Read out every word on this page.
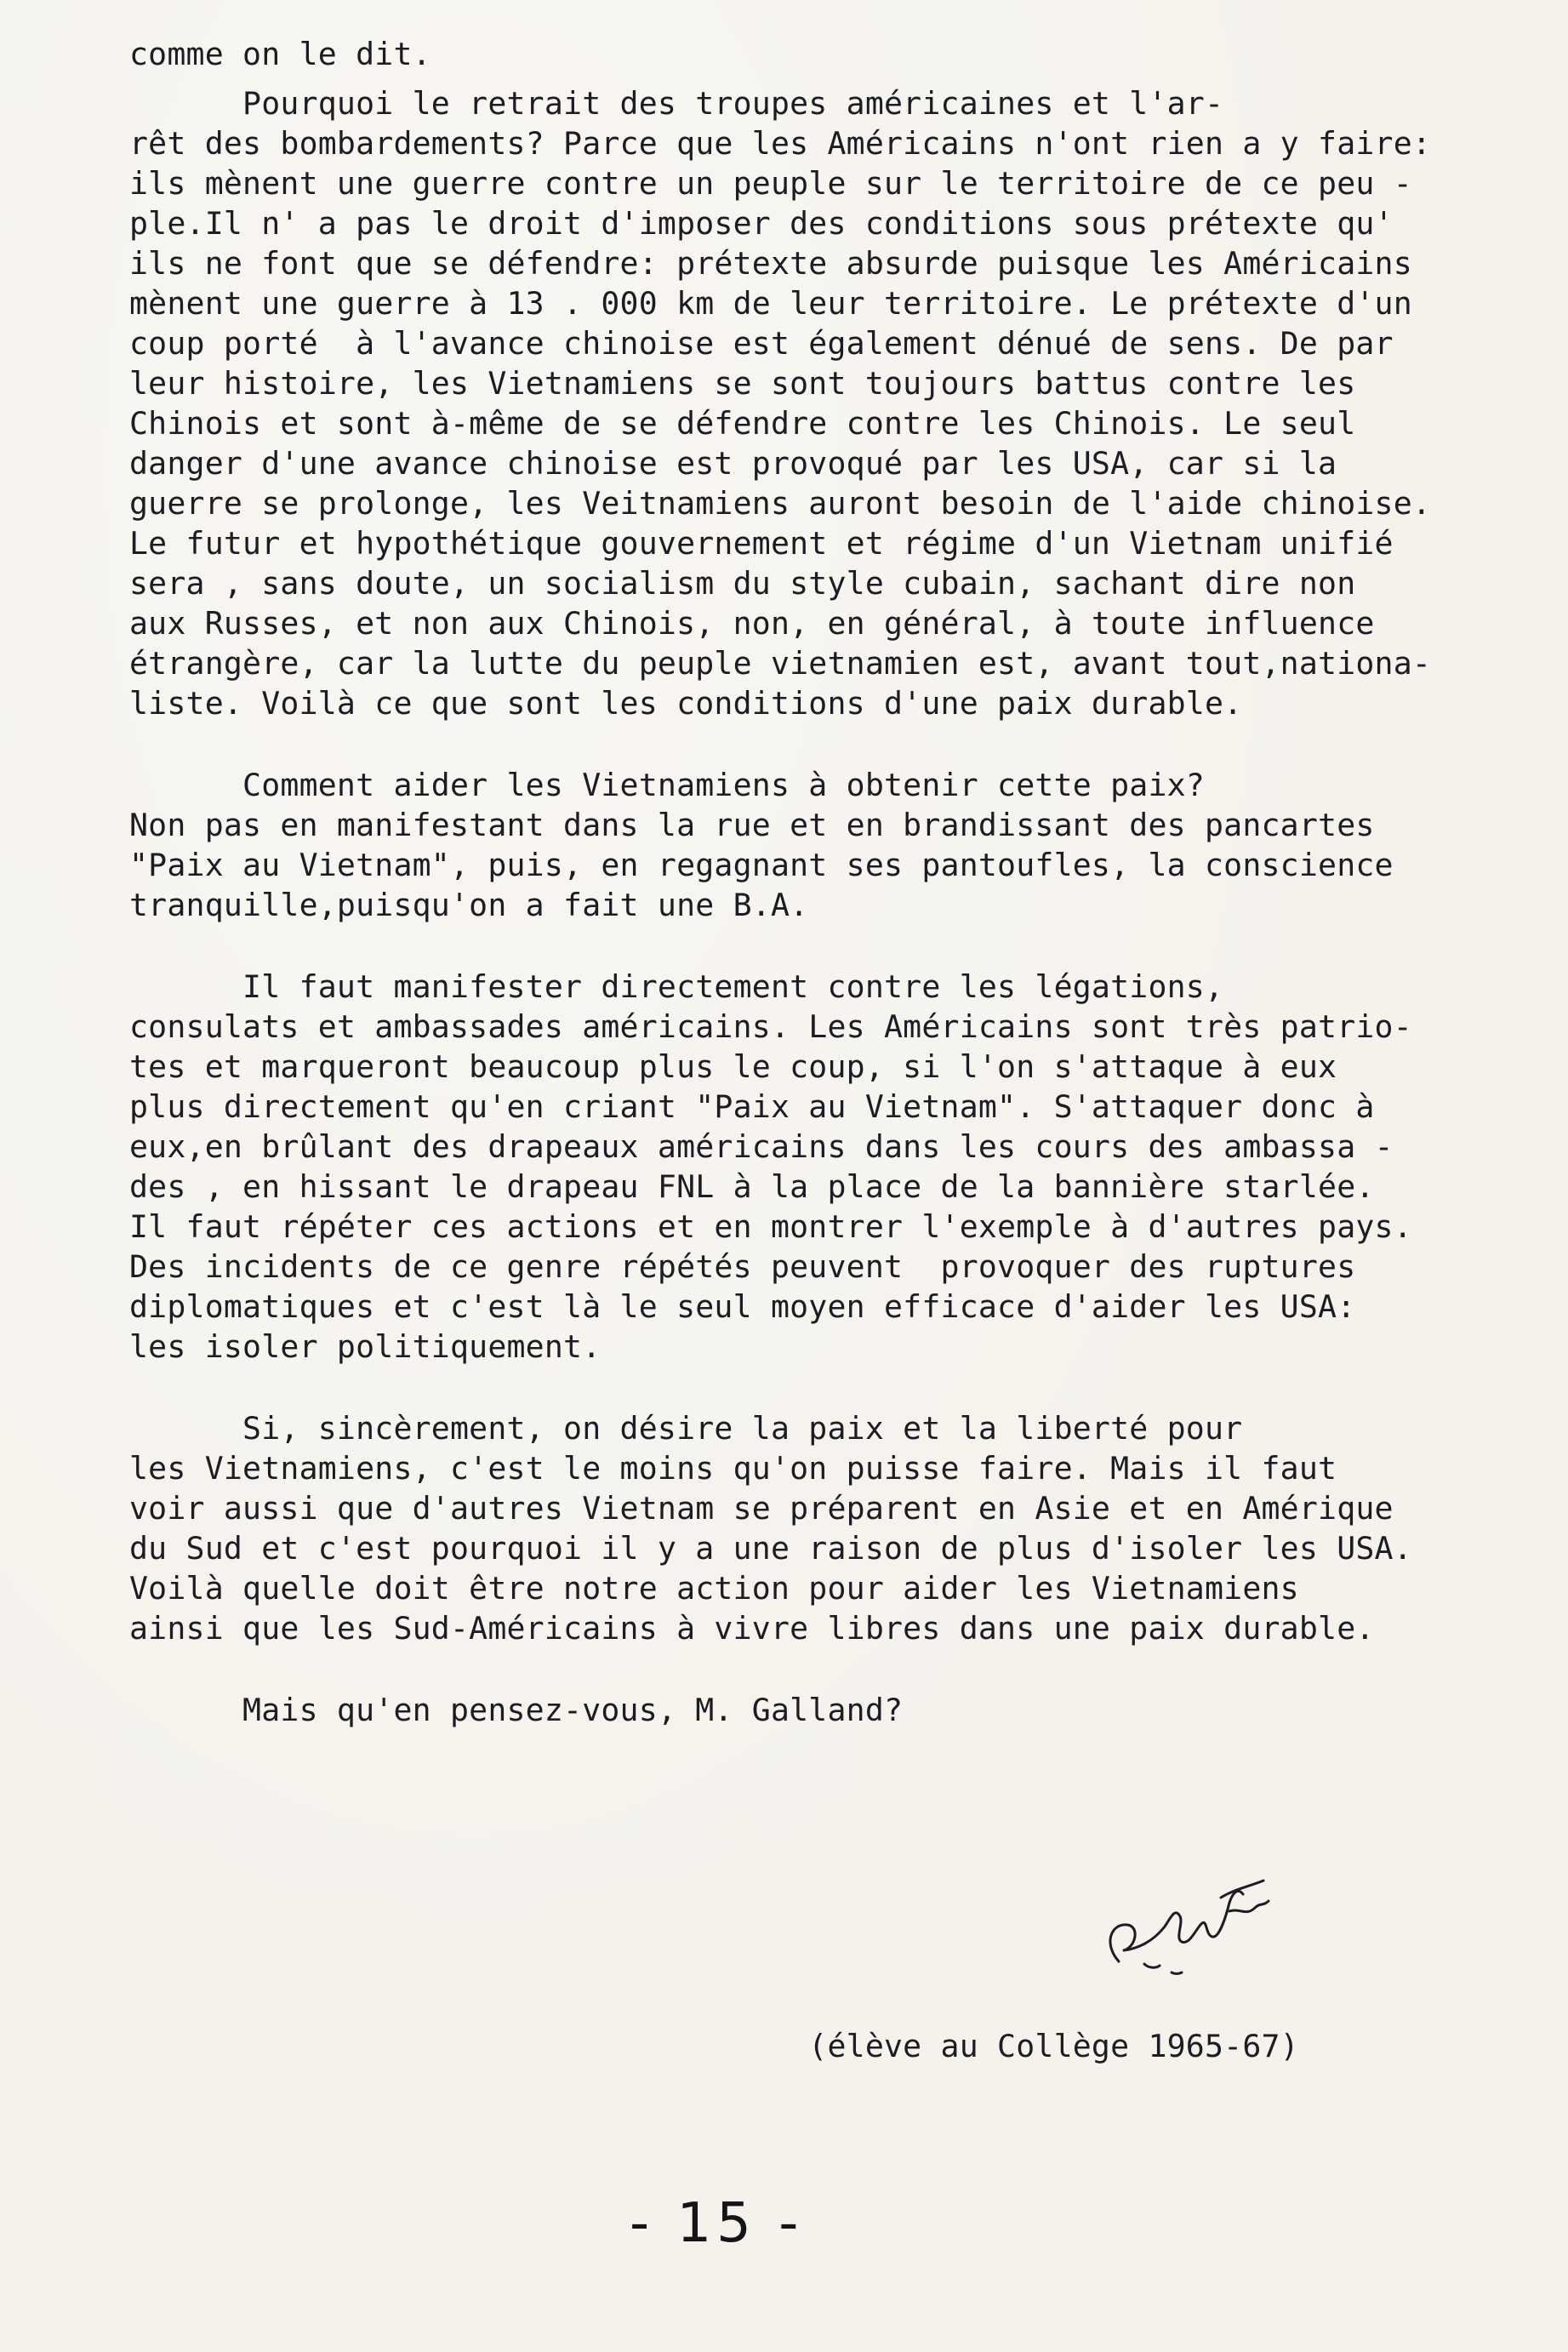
comme on le dit.
Pourquoi le retrait des troupes américaines et l'ar-
rêt des bombardements? Parce que les Américains n'ont rien a y faire:
ils mènent une guerre contre un peuple sur le territoire de ce peu -
ple.Il n' a pas le droit d'imposer des conditions sous prétexte qu'
ils ne font que se défendre: prétexte absurde puisque les Américains
mènent une guerre à 13 . 000 km de leur territoire. Le prétexte d'un
coup porté  à l'avance chinoise est également dénué de sens. De par
leur histoire, les Vietnamiens se sont toujours battus contre les
Chinois et sont à-même de se défendre contre les Chinois. Le seul
danger d'une avance chinoise est provoqué par les USA, car si la
guerre se prolonge, les Veitnamiens auront besoin de l'aide chinoise.
Le futur et hypothétique gouvernement et régime d'un Vietnam unifié
sera , sans doute, un socialism du style cubain, sachant dire non
aux Russes, et non aux Chinois, non, en général, à toute influence
étrangère, car la lutte du peuple vietnamien est, avant tout,nationa-
liste. Voilà ce que sont les conditions d'une paix durable.
Comment aider les Vietnamiens à obtenir cette paix?
Non pas en manifestant dans la rue et en brandissant des pancartes
"Paix au Vietnam", puis, en regagnant ses pantoufles, la conscience
tranquille,puisqu'on a fait une B.A.
Il faut manifester directement contre les légations,
consulats et ambassades américains. Les Américains sont très patrio-
tes et marqueront beaucoup plus le coup, si l'on s'attaque à eux
plus directement qu'en criant "Paix au Vietnam". S'attaquer donc à
eux,en brûlant des drapeaux américains dans les cours des ambassa -
des , en hissant le drapeau FNL à la place de la bannière starlée.
Il faut répéter ces actions et en montrer l'exemple à d'autres pays.
Des incidents de ce genre répétés peuvent  provoquer des ruptures
diplomatiques et c'est là le seul moyen efficace d'aider les USA:
les isoler politiquement.
Si, sincèrement, on désire la paix et la liberté pour
les Vietnamiens, c'est le moins qu'on puisse faire. Mais il faut
voir aussi que d'autres Vietnam se préparent en Asie et en Amérique
du Sud et c'est pourquoi il y a une raison de plus d'isoler les USA.
Voilà quelle doit être notre action pour aider les Vietnamiens
ainsi que les Sud-Américains à vivre libres dans une paix durable.
Mais qu'en pensez-vous, M. Galland?
(élève au Collège 1965-67)
- 15 -
